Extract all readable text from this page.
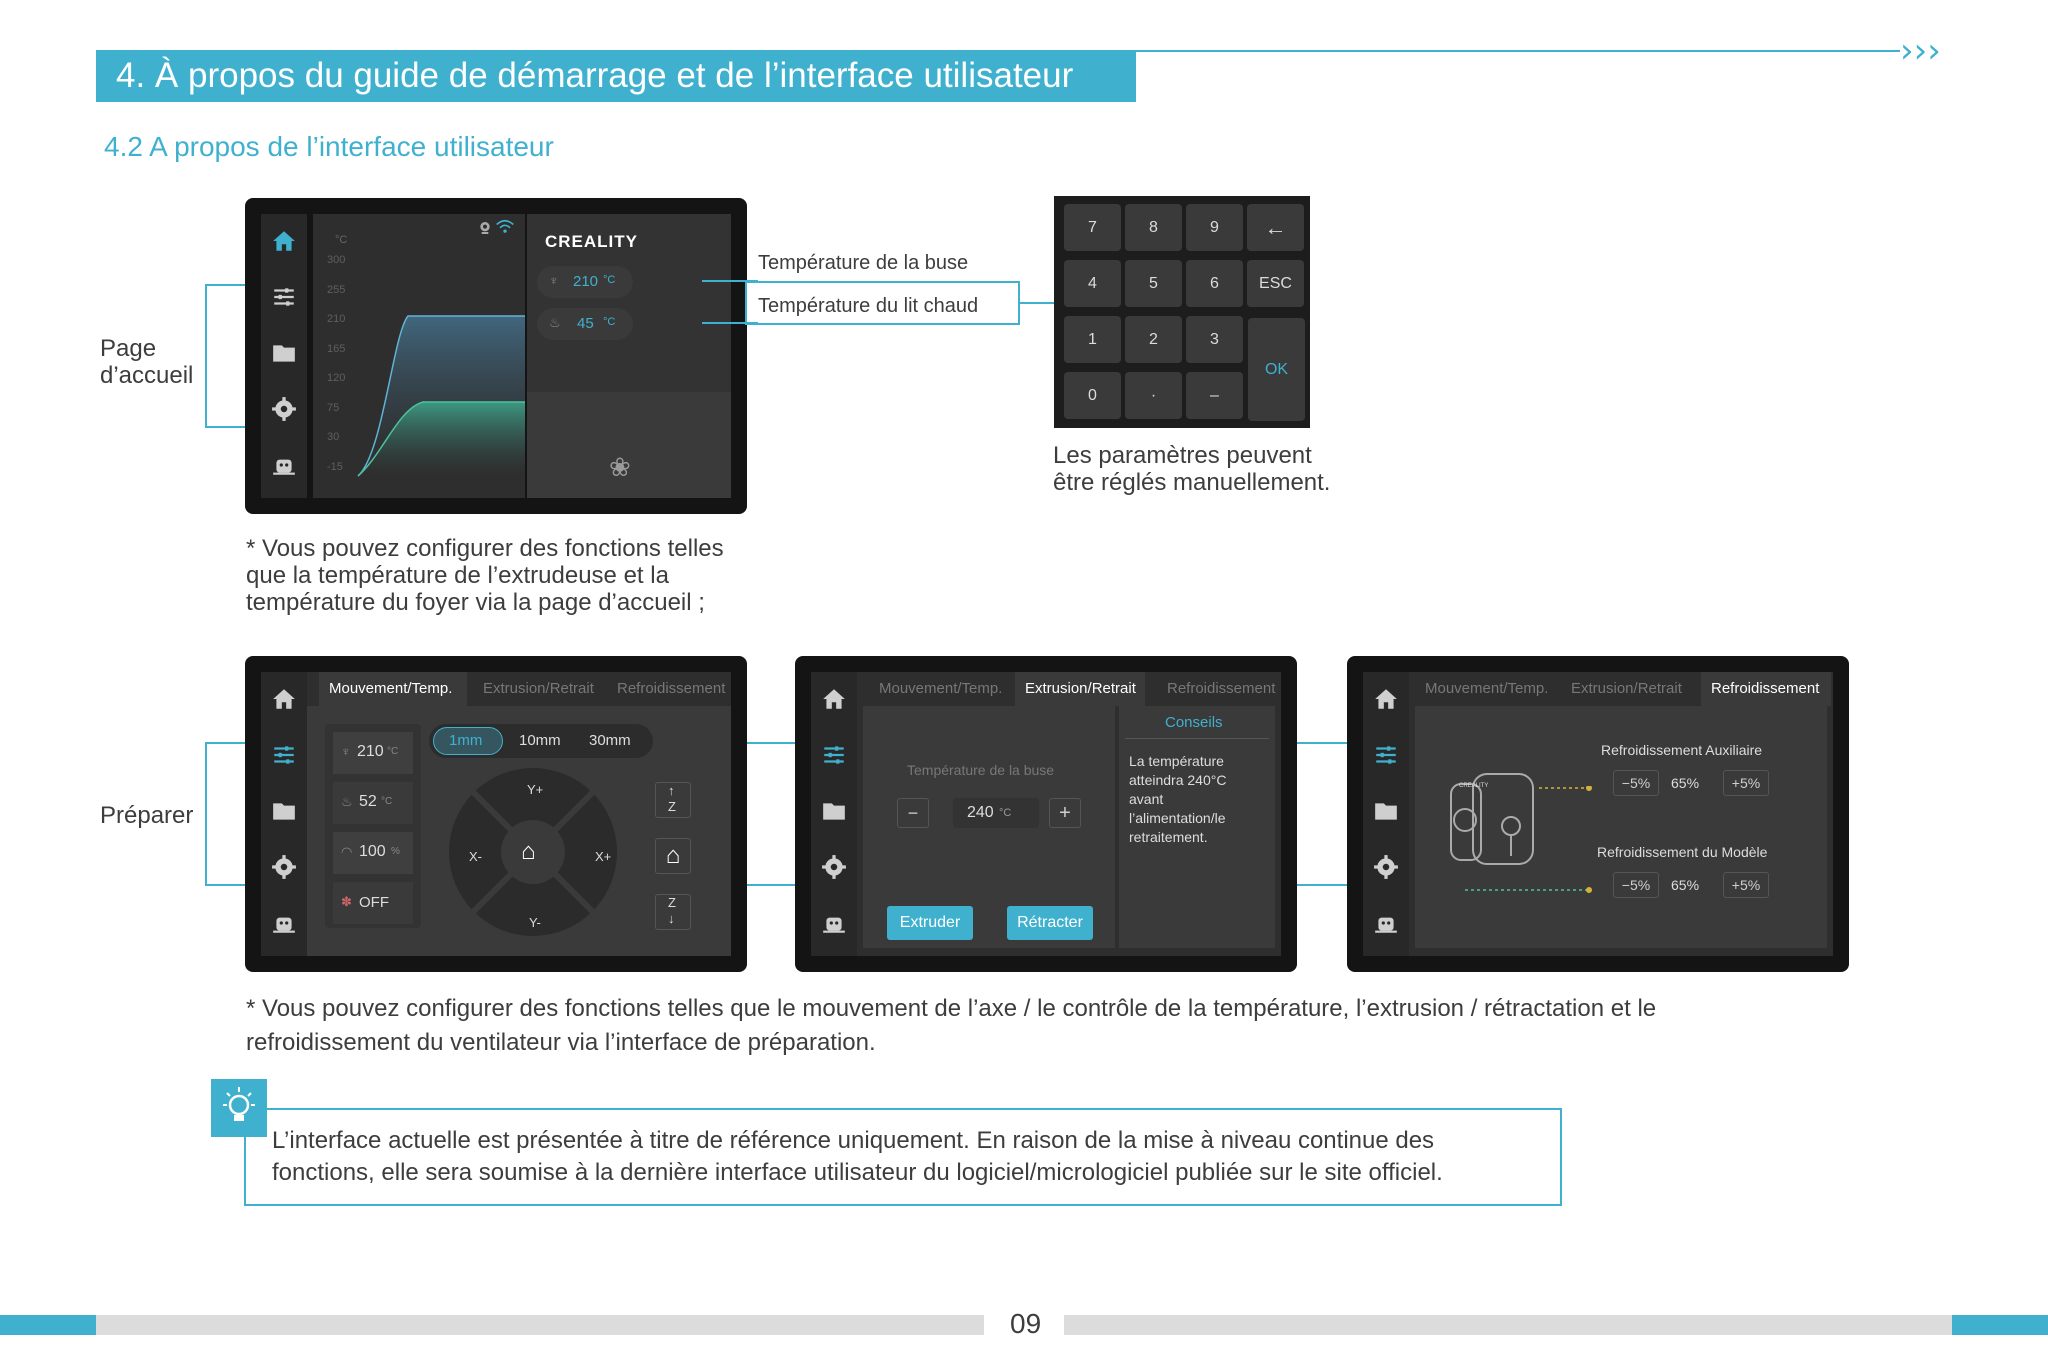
4. À propos du guide de démarrage et de l’interface utilisateur
›››
4.2 A propos de l’interface utilisateur
Page
d’accueil
°C
300
255
210
165
120
75
30
-15
CREALITY
♆ 210 °C
♨ 45 °C
❀
Température de la buse
Température du lit chaud
OK
7	8	9	←
4	5	6	ESC
1	2	3
0	·	–
Les paramètres peuvent
être réglés manuellement.
* Vous pouvez configurer des fonctions telles
que la température de l’extrudeuse et la
température du foyer via la page d’accueil ;
Préparer
Mouvement/Temp. Extrusion/Retrait Refroidissement
♆ 210 °C
♨ 52 °C
◠ 100 %
✽ OFF
1mm 10mm 30mm
Y+
Y-
X-	X+
⌂
↑
Z
⌂
Z
↓
Mouvement/Temp. Extrusion/Retrait Refroidissement
Température de la buse
−	240 °C	+
Extruder	Rétracter
Conseils
La température
atteindra 240°C
avant
l’alimentation/le
retraitement.
Mouvement/Temp. Extrusion/Retrait Refroidissement
CREALITY
Refroidissement Auxiliaire
−5%	65%	+5%
Refroidissement du Modèle
−5%	65%	+5%
* Vous pouvez configurer des fonctions telles que le mouvement de l’axe / le contrôle de la température, l’extrusion / rétractation et le
refroidissement du ventilateur via l’interface de préparation.
L’interface actuelle est présentée à titre de référence uniquement. En raison de la mise à niveau continue des
fonctions, elle sera soumise à la dernière interface utilisateur du logiciel/micrologiciel publiée sur le site officiel.
09
